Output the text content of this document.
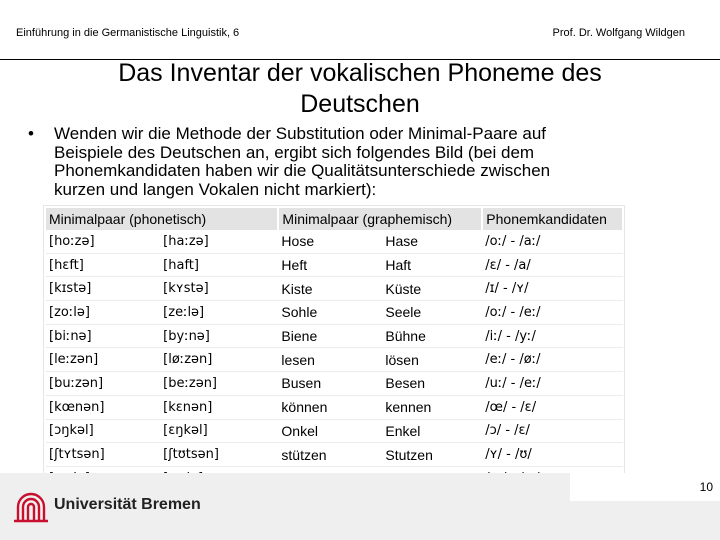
Einführung in die Germanistische Linguistik, 6	Prof. Dr. Wolfgang Wildgen
Das Inventar der vokalischen Phoneme des
Deutschen
• Wenden wir die Methode der Substitution oder Minimal-Paare auf
Beispiele des Deutschen an, ergibt sich folgendes Bild (bei dem
Phonemkandidaten haben wir die Qualitätsunterschiede zwischen
kurzen und langen Vokalen nicht markiert):
Minimalpaar (phonetisch)		Minimalpaar (graphemisch)		Phonemkandidaten
[hoːzə]	[haːzə]	Hose	Hase	/oː/ - /aː/
[hɛft]	[haft]	Heft	Haft	/ɛ/ - /a/
[kɪstə]	[kʏstə]	Kiste	Küste	/ɪ/ - /ʏ/
[zoːlə]	[zeːlə]	Sohle	Seele	/oː/ - /eː/
[biːnə]	[byːnə]	Biene	Bühne	/iː/ - /yː/
[leːzən]	[løːzən]	lesen	lösen	/eː/ - /øː/
[buːzən]	[beːzən]	Busen	Besen	/uː/ - /eː/
[kœnən]	[kɛnən]	können	kennen	/œ/ - /ɛ/
[ɔŋkəl]	[ɛŋkəl]	Onkel	Enkel	/ɔ/ - /ɛ/
[ʃtʏtsən]	[ʃtʊtsən]	stützen	Stutzen	/ʏ/ - /ʊ/

10
Universität Bremen
